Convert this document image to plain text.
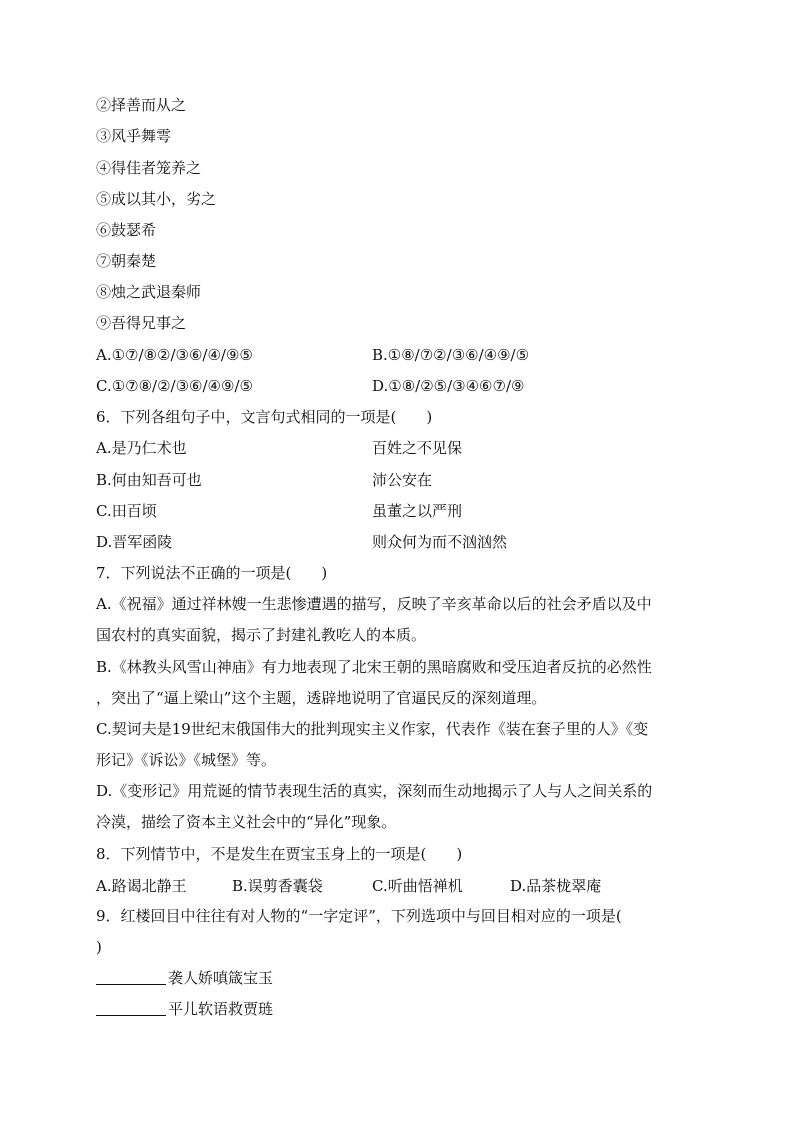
②择善而从之
③风乎舞雩
④得佳者笼养之
⑤成以其小，劣之
⑥鼓瑟希
⑦朝秦楚
⑧烛之武退秦师
⑨吾得兄事之
A.①⑦/⑧②/③⑥/④/⑨⑤	B.①⑧/⑦②/③⑥/④⑨/⑤
C.①⑦⑧/②/③⑥/④⑨/⑤	D.①⑧/②⑤/③④⑥⑦/⑨
6．下列各组句子中，文言句式相同的一项是(　　)
A.是乃仁术也	百姓之不见保
B.何由知吾可也	沛公安在
C.田百顷	虽董之以严刑
D.晋军函陵	则众何为而不汹汹然
7．下列说法不正确的一项是(　　)
A.《祝福》通过祥林嫂一生悲惨遭遇的描写，反映了辛亥革命以后的社会矛盾以及中
国农村的真实面貌，揭示了封建礼教吃人的本质。
B.《林教头风雪山神庙》有力地表现了北宋王朝的黑暗腐败和受压迫者反抗的必然性
，突出了“逼上梁山”这个主题，透辟地说明了官逼民反的深刻道理。
C.契诃夫是19世纪末俄国伟大的批判现实主义作家，代表作《装在套子里的人》《变
形记》《诉讼》《城堡》等。
D.《变形记》用荒诞的情节表现生活的真实，深刻而生动地揭示了人与人之间关系的
冷漠，描绘了资本主义社会中的“异化”现象。
8．下列情节中，不是发生在贾宝玉身上的一项是(　　)
A.路谒北静王	B.误剪香囊袋	C.听曲悟禅机	D.品茶栊翠庵
9．红楼回目中往往有对人物的“一字定评”，下列选项中与回目相对应的一项是(
)
袭人娇嗔箴宝玉
平儿软语救贾琏
